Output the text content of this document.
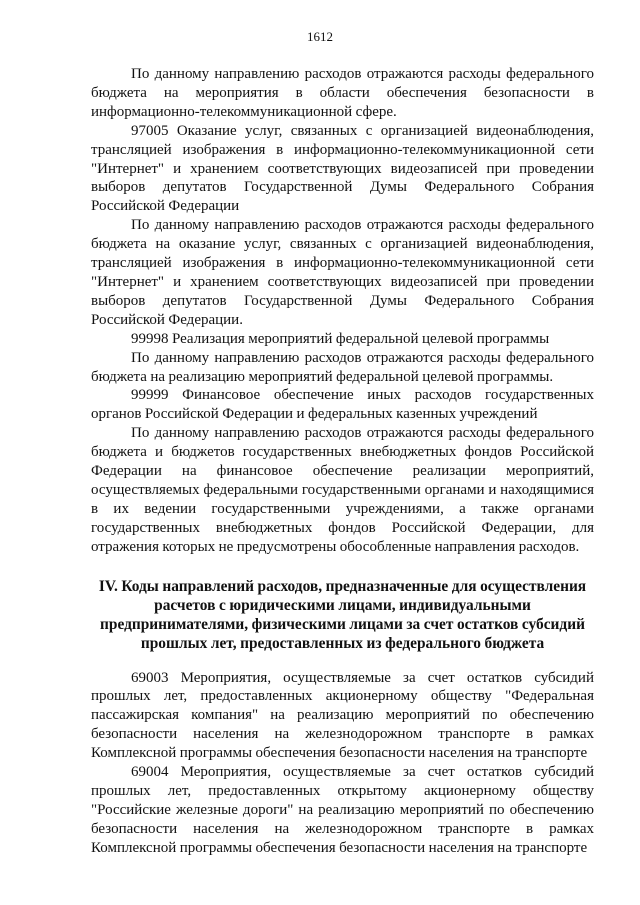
1612

По данному направлению расходов отражаются расходы федерального бюджета на мероприятия в области обеспечения безопасности в информационно-телекоммуникационной сфере.

97005 Оказание услуг, связанных с организацией видеонаблюдения, трансляцией изображения в информационно-телекоммуникационной сети "Интернет" и хранением соответствующих видеозаписей при проведении выборов депутатов Государственной Думы Федерального Собрания Российской Федерации

По данному направлению расходов отражаются расходы федерального бюджета на оказание услуг, связанных с организацией видеонаблюдения, трансляцией изображения в информационно-телекоммуникационной сети "Интернет" и хранением соответствующих видеозаписей при проведении выборов депутатов Государственной Думы Федерального Собрания Российской Федерации.

99998 Реализация мероприятий федеральной целевой программы

По данному направлению расходов отражаются расходы федерального бюджета на реализацию мероприятий федеральной целевой программы.

99999 Финансовое обеспечение иных расходов государственных органов Российской Федерации и федеральных казенных учреждений

По данному направлению расходов отражаются расходы федерального бюджета и бюджетов государственных внебюджетных фондов Российской Федерации на финансовое обеспечение реализации мероприятий, осуществляемых федеральными государственными органами и находящимися в их ведении государственными учреждениями, а также органами государственных внебюджетных фондов Российской Федерации, для отражения которых не предусмотрены обособленные направления расходов.

IV. Коды направлений расходов, предназначенные для осуществления расчетов с юридическими лицами, индивидуальными предпринимателями, физическими лицами за счет остатков субсидий прошлых лет, предоставленных из федерального бюджета

69003 Мероприятия, осуществляемые за счет остатков субсидий прошлых лет, предоставленных акционерному обществу "Федеральная пассажирская компания" на реализацию мероприятий по обеспечению безопасности населения на железнодорожном транспорте в рамках Комплексной программы обеспечения безопасности населения на транспорте

69004 Мероприятия, осуществляемые за счет остатков субсидий прошлых лет, предоставленных открытому акционерному обществу "Российские железные дороги" на реализацию мероприятий по обеспечению безопасности населения на железнодорожном транспорте в рамках Комплексной программы обеспечения безопасности населения на транспорте
